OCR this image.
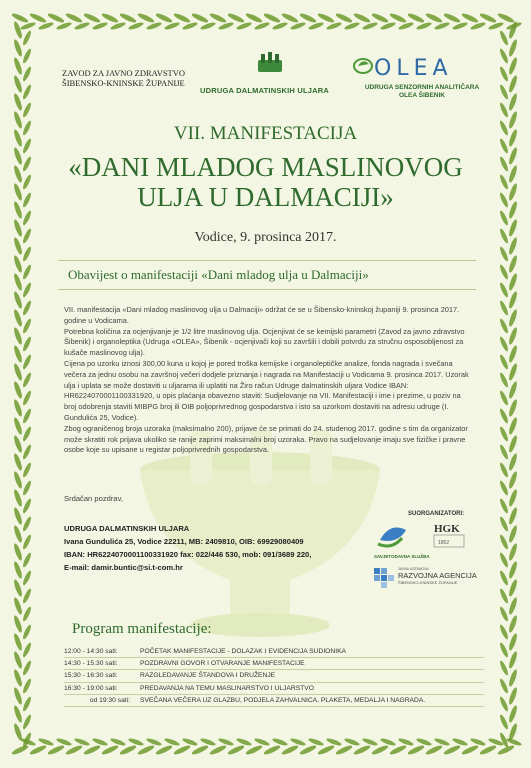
ZAVOD ZA JAVNO ZDRAVSTVO
ŠIBENSKO-KNINSKE ŽUPANIJE
UDRUGA DALMATINSKIH ULJARA
OLEA
UDRUGA SENZORNIH ANALITIČARA
OLEA ŠIBENIK
VII. MANIFESTACIJA
«DANI MLADOG MASLINOVOG
ULJA U DALMACIJI»
Vodice, 9. prosinca 2017.
Obavijest o manifestaciji «Dani mladog ulja u Dalmaciji»

VII. manifestacija «Dani mladog maslinovog ulja u Dalmaciji» održat će se u Šibensko-kninskoj županiji 9. prosinca 2017. godine u Vodicama.

Potrebna količina za ocjenjivanje je 1/2 litre maslinovog ulja. Ocjenjivat će se kemijski parametri (Zavod za javno zdravstvo Šibenik) i organoleptika (Udruga «OLEA», Šibenik - ocjenjivači koji su završili i dobili potvrdu za stručnu osposobljenost za kušače maslinovog ulja).

Cijena po uzorku iznosi 300,00 kuna u kojoj je pored troška kemijske i organoleptičke analize, fonda nagrada i svečana večera za jednu osobu na završnoj večeri dodjele priznanja i nagrada na Manifestaciji u Vodicama 9. prosinca 2017. Uzorak ulja i uplata se može dostaviti u uljarama ili uplatiti na Žiro račun Udruge dalmatinskih uljara Vodice IBAN: HR6224070001100331920, u opis plaćanja obavezno staviti: Sudjelovanje na VII. Manifestaciji i ime i prezime, u poziv na broj odobrenja staviti MIBPG broj ili OIB poljoprivrednog gospodarstva i isto sa uzorkom dostaviti na adresu udruge (I. Gundulića 25, Vodice).

Zbog ograničenog broja uzoraka (maksimalno 200), prijave će se primati do 24. studenog 2017. godine s tim da organizator može skratiti rok prijava ukoliko se ranije zaprimi maksimalni broj uzoraka. Pravo na sudjelovanje imaju sve fizičke i pravne osobe koje su upisane u registar poljoprivrednih gospodarstva.

Srdačan pozdrav,
UDRUGA DALMATINSKIH ULJARA
Ivana Gundulića 25, Vodice 22211, MB: 2409810, OIB: 69929080409
IBAN: HR6224070001100331920 fax: 022/446 530, mob: 091/3689 220,
E-mail: damir.buntic@si.t-com.hr
SUORGANIZATORI:
SAVJETODAVNA SLUŽBA
HGK
1852
JAVNA USTANOVA
RAZVOJNA AGENCIJA
ŠIBENSKO-KNINSKE ŽUPANIJE
Program manifestacije:
12:00 - 14:30 sati:	POČETAK MANIFESTACIJE - DOLAZAK I EVIDENCIJA SUDIONIKA
14:30 - 15:30 sati:	POZDRAVNI GOVOR I OTVARANJE MANIFESTACIJE
15:30 - 16:30 sati:	RAZGLEDAVANJE ŠTANDOVA I DRUŽENJE
16:30 - 19:00 sati:	PREDAVANJA NA TEMU MASLINARSTVO I ULJARSTVO
od 19:30 sati:	SVEČANA VEČERA UZ GLAZBU, PODJELA ZAHVALNICA, PLAKETA, MEDALJA I NAGRADA.
